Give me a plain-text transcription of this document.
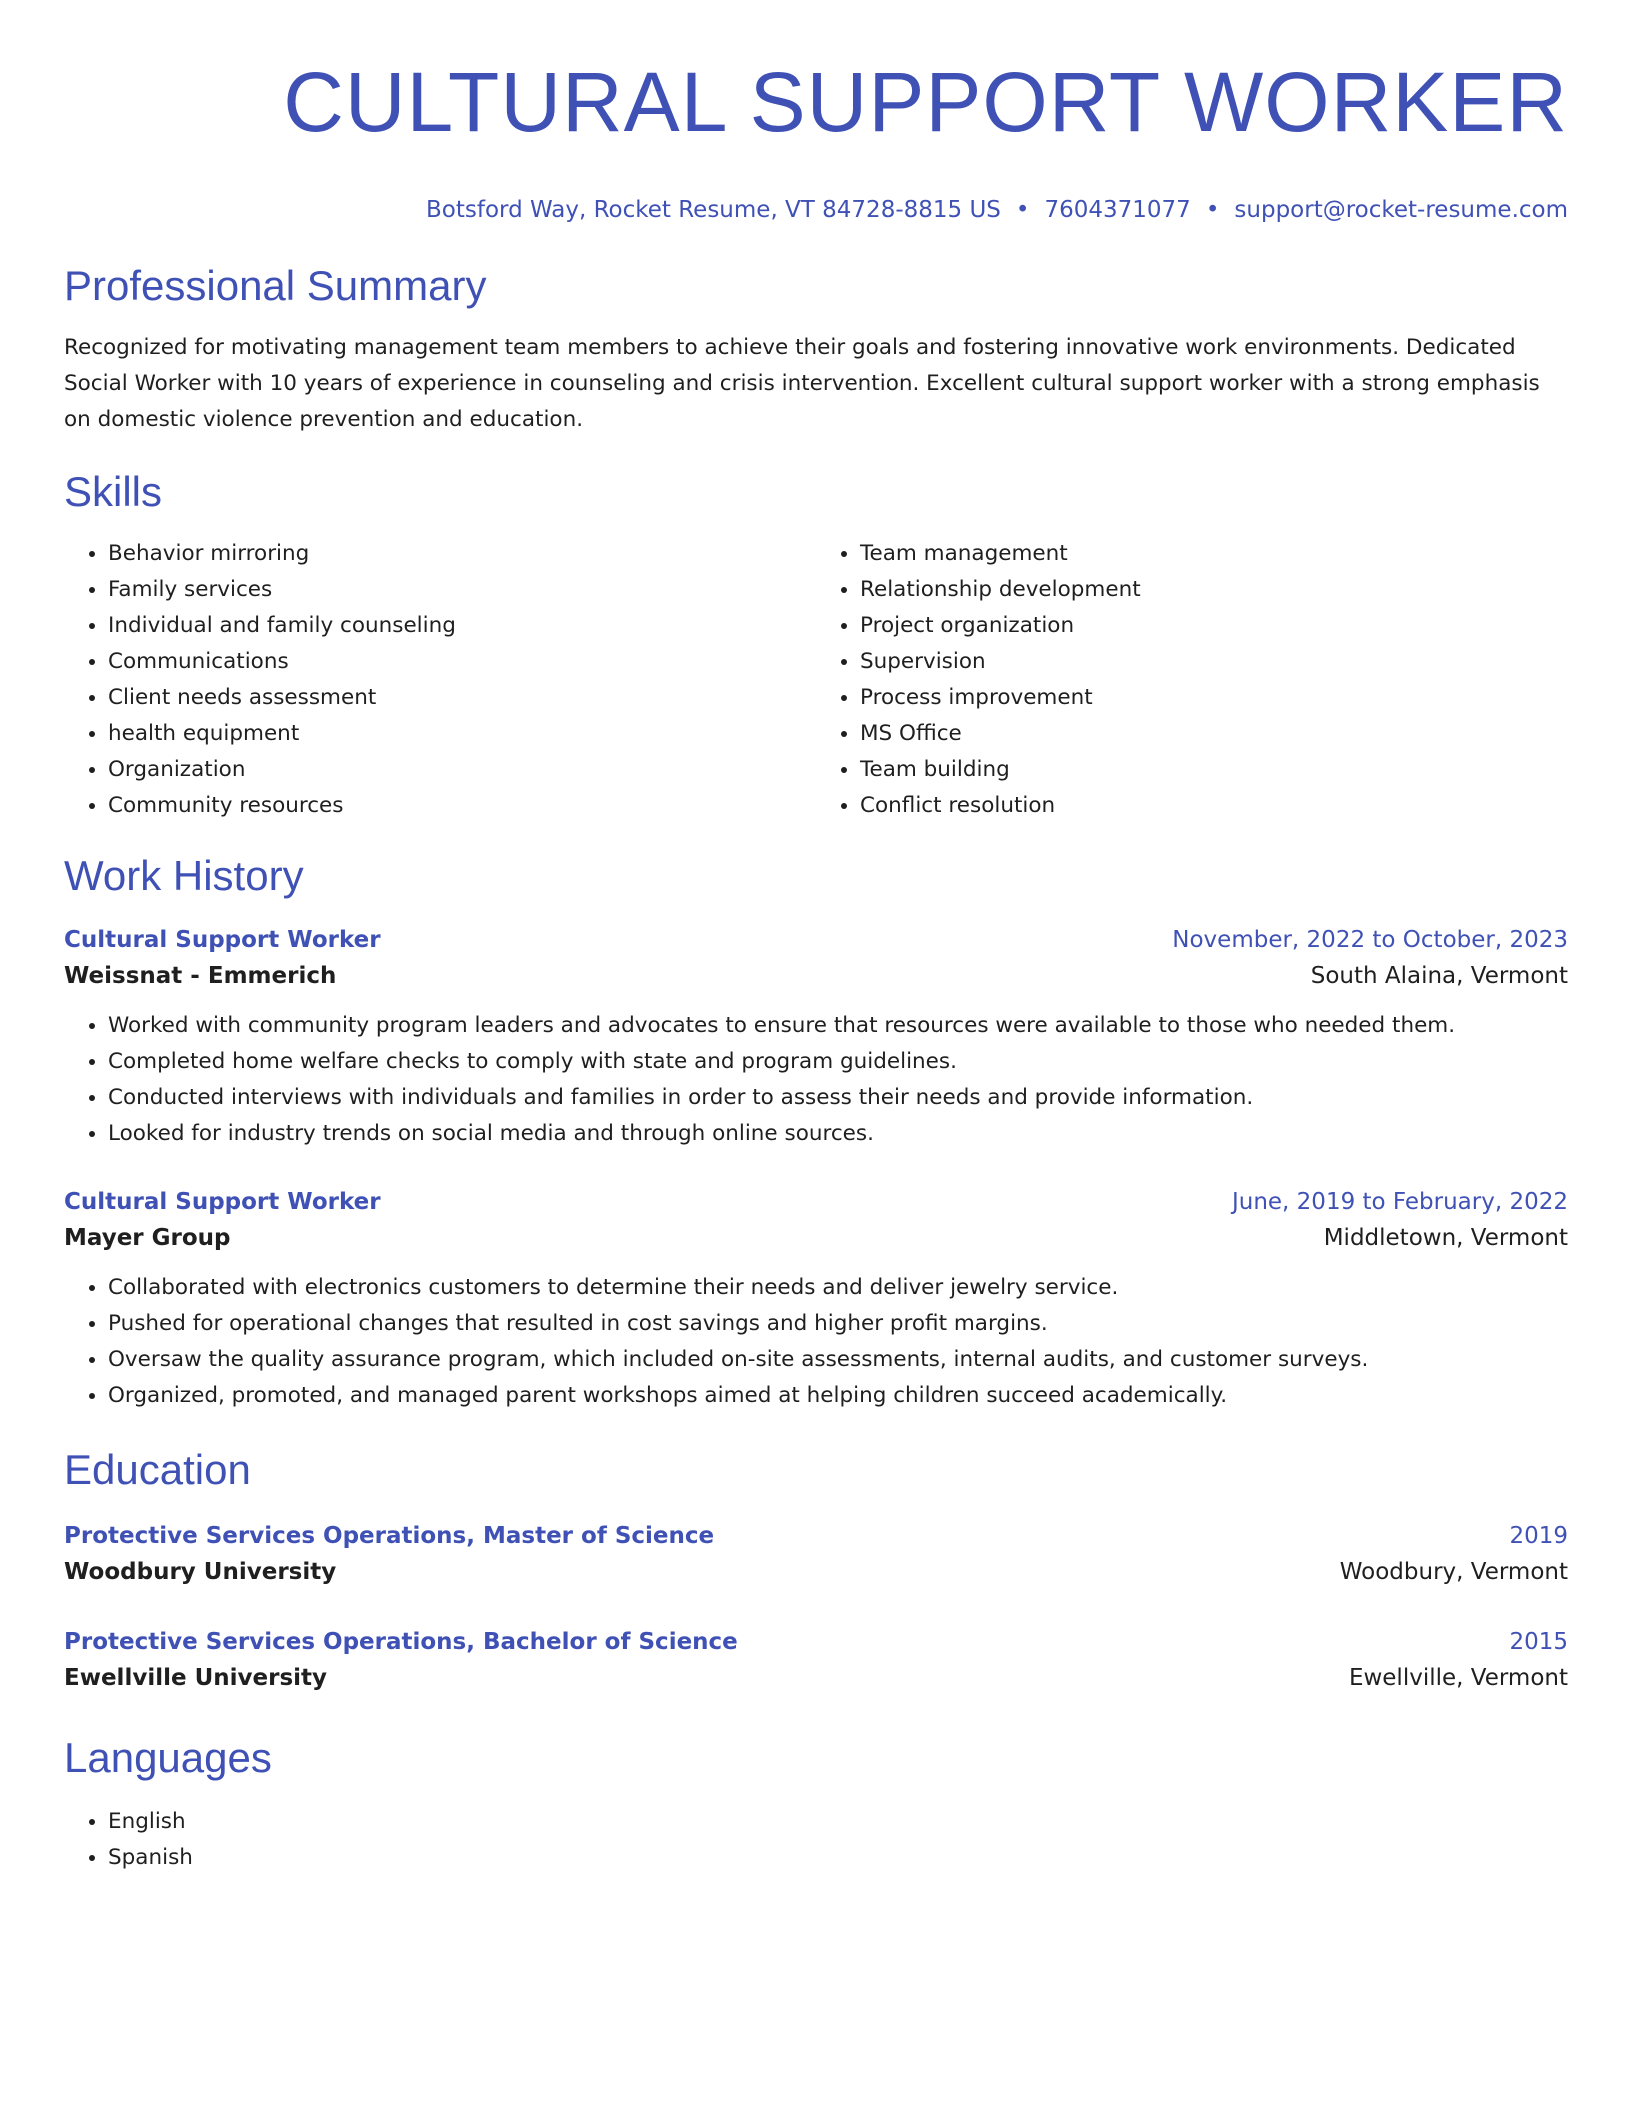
CULTURAL SUPPORT WORKER
Botsford Way, Rocket Resume, VT 84728-8815 US • 7604371077 • support@rocket-resume.com
Professional Summary
Recognized for motivating management team members to achieve their goals and fostering innovative work environments. Dedicated Social Worker with 10 years of experience in counseling and crisis intervention. Excellent cultural support worker with a strong emphasis on domestic violence prevention and education.
Skills
• Behavior mirroring
• Family services
• Individual and family counseling
• Communications
• Client needs assessment
• health equipment
• Organization
• Community resources
• Team management
• Relationship development
• Project organization
• Supervision
• Process improvement
• MS Office
• Team building
• Conflict resolution
Work History
Cultural Support Worker	November, 2022 to October, 2023
Weissnat - Emmerich	South Alaina, Vermont
• Worked with community program leaders and advocates to ensure that resources were available to those who needed them.
• Completed home welfare checks to comply with state and program guidelines.
• Conducted interviews with individuals and families in order to assess their needs and provide information.
• Looked for industry trends on social media and through online sources.
Cultural Support Worker	June, 2019 to February, 2022
Mayer Group	Middletown, Vermont
• Collaborated with electronics customers to determine their needs and deliver jewelry service.
• Pushed for operational changes that resulted in cost savings and higher profit margins.
• Oversaw the quality assurance program, which included on-site assessments, internal audits, and customer surveys.
• Organized, promoted, and managed parent workshops aimed at helping children succeed academically.
Education
Protective Services Operations, Master of Science	2019
Woodbury University	Woodbury, Vermont
Protective Services Operations, Bachelor of Science	2015
Ewellville University	Ewellville, Vermont
Languages
• English
• Spanish
